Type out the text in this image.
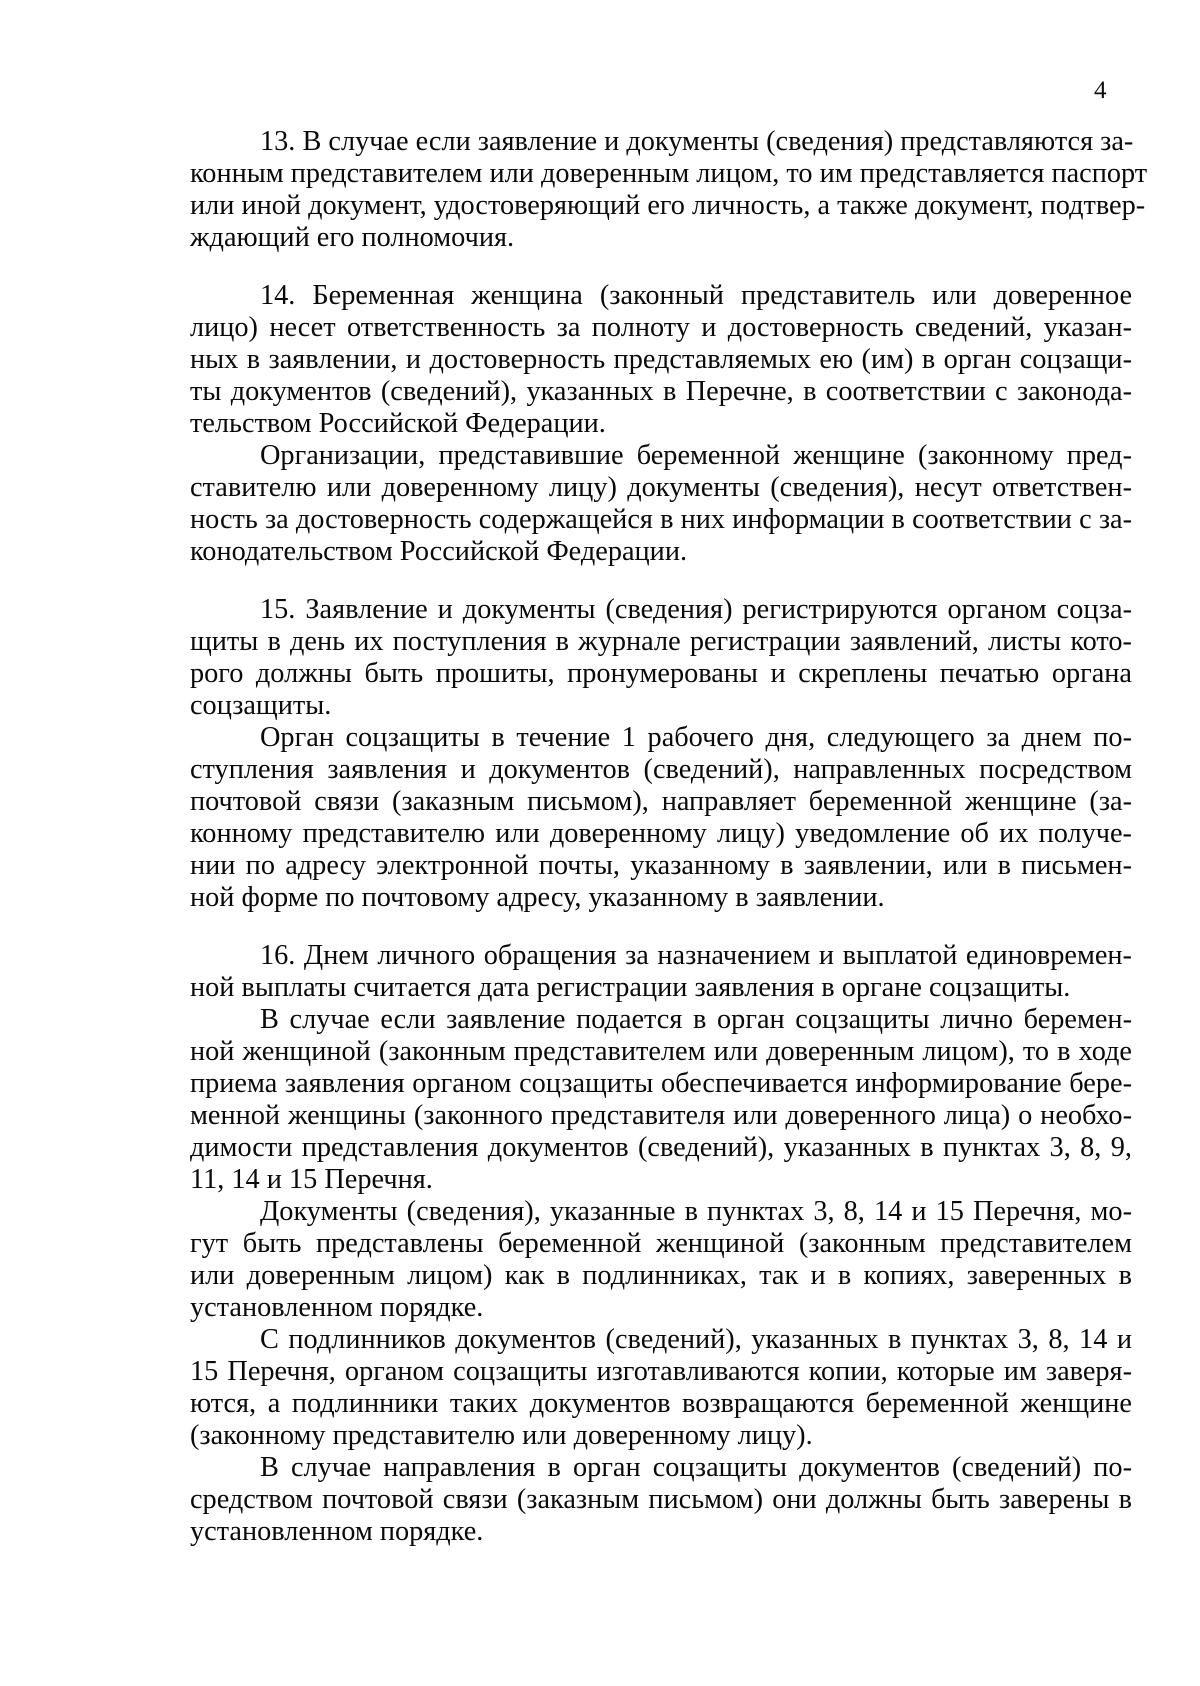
4
13. В случае если заявление и документы (сведения) представляются за-
конным представителем или доверенным лицом, то им представляется паспорт
или иной документ, удостоверяющий его личность, а также документ, подтвер-
ждающий его полномочия.
14. Беременная женщина (законный представитель или доверенное
лицо) несет ответственность за полноту и достоверность сведений, указан-
ных в заявлении, и достоверность представляемых ею (им) в орган соцзащи-
ты документов (сведений), указанных в Перечне, в соответствии с законода-
тельством Российской Федерации.
Организации, представившие беременной женщине (законному пред-
ставителю или доверенному лицу) документы (сведения), несут ответствен-
ность за достоверность содержащейся в них информации в соответствии с за-
конодательством Российской Федерации.
15. Заявление и документы (сведения) регистрируются органом соцза-
щиты в день их поступления в журнале регистрации заявлений, листы кото-
рого должны быть прошиты, пронумерованы и скреплены печатью органа
соцзащиты.
Орган соцзащиты в течение 1 рабочего дня, следующего за днем по-
ступления заявления и документов (сведений), направленных посредством
почтовой связи (заказным письмом), направляет беременной женщине (за-
конному представителю или доверенному лицу) уведомление об их получе-
нии по адресу электронной почты, указанному в заявлении, или в письмен-
ной форме по почтовому адресу, указанному в заявлении.
16. Днем личного обращения за назначением и выплатой единовремен-
ной выплаты считается дата регистрации заявления в органе соцзащиты.
В случае если заявление подается в орган соцзащиты лично беремен-
ной женщиной (законным представителем или доверенным лицом), то в ходе
приема заявления органом соцзащиты обеспечивается информирование бере-
менной женщины (законного представителя или доверенного лица) о необхо-
димости представления документов (сведений), указанных в пунктах 3, 8, 9,
11, 14 и 15 Перечня.
Документы (сведения), указанные в пунктах 3, 8, 14 и 15 Перечня, мо-
гут быть представлены беременной женщиной (законным представителем
или доверенным лицом) как в подлинниках, так и в копиях, заверенных в
установленном порядке.
С подлинников документов (сведений), указанных в пунктах 3, 8, 14 и
15 Перечня, органом соцзащиты изготавливаются копии, которые им заверя-
ются, а подлинники таких документов возвращаются беременной женщине
(законному представителю или доверенному лицу).
В случае направления в орган соцзащиты документов (сведений) по-
средством почтовой связи (заказным письмом) они должны быть заверены в
установленном порядке.
